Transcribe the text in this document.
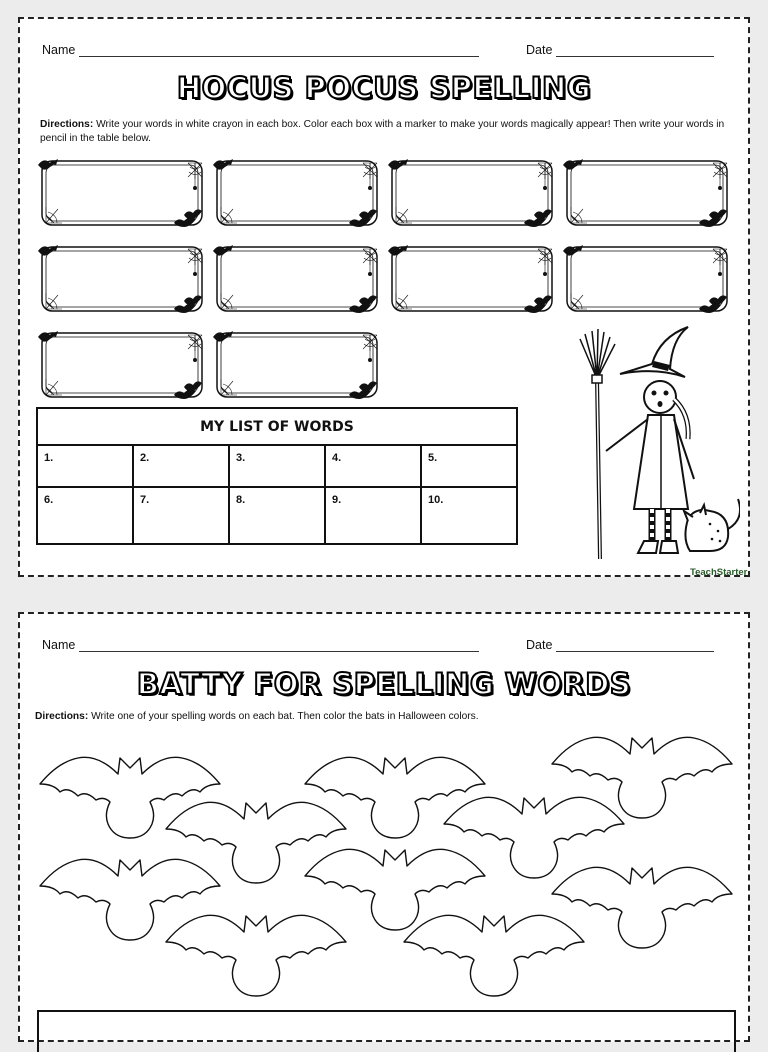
Name	Date
HOCUS POCUS SPELLING
Directions: Write your words in white crayon in each box. Color each box with a marker to make your words magically appear! Then write your words in pencil in the table below.
MY LIST OF WORDS				
1.	2.	3.	4.	5.
6.	7.	8.	9.	10.
TeachStarter
Name	Date
BATTY FOR SPELLING WORDS
Directions: Write one of your spelling words on each bat. Then color the bats in Halloween colors.
